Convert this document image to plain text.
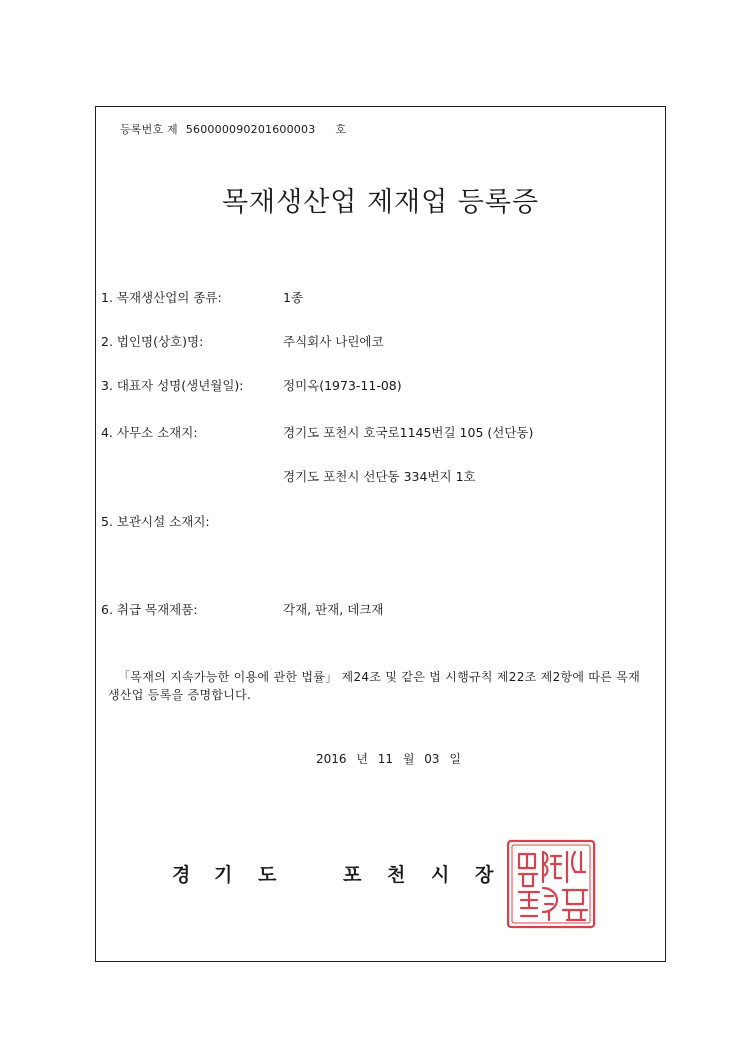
등록번호 제 560000090201600003 호
목재생산업 제재업 등록증
1. 목재생산업의 종류:	1종
2. 법인명(상호)명:	주식회사 나린에코
3. 대표자 성명(생년월일):	정미옥(1973-11-08)
4. 사무소 소재지:	경기도 포천시 호국로1145번길 105 (선단동)
경기도 포천시 선단동 334번지 1호
5. 보관시설 소재지:
6. 취급 목재제품:	각재, 판재, 데크재
「목재의 지속가능한 이용에 관한 법률」 제24조 및 같은 법 시행규칙 제22조 제2항에 따른 목재생산업 등록을 증명합니다.
2016 년 11 월 03 일
경 기 도	포 천 시 장
